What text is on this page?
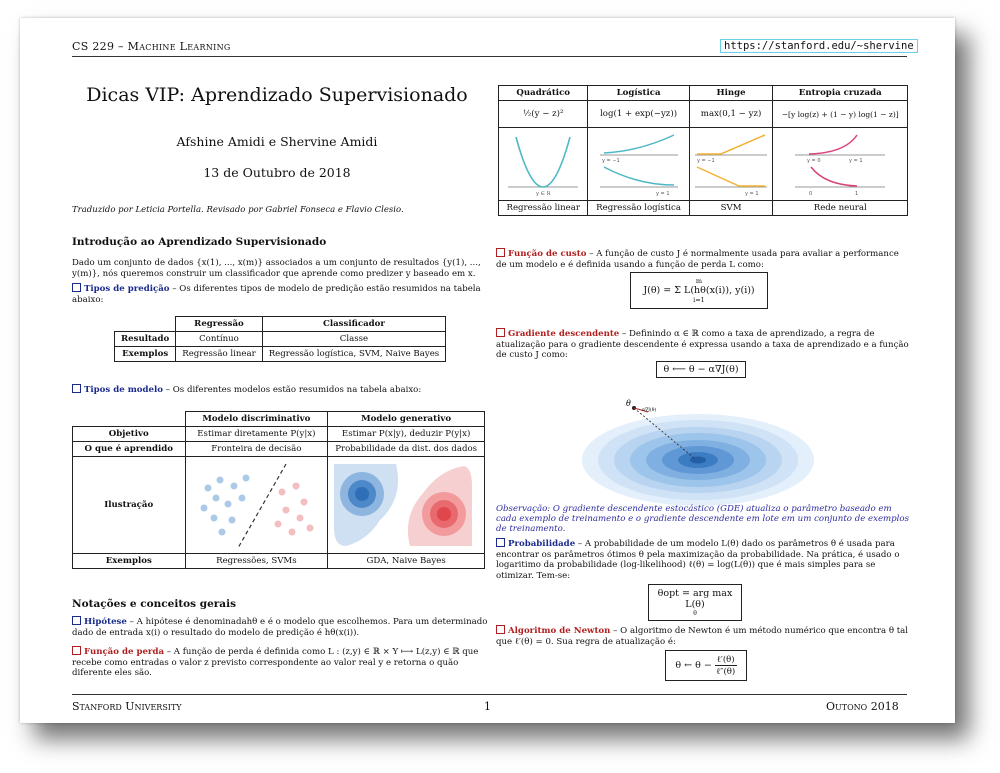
CS 229 – Machine Learning	https://stanford.edu/~shervine
Dicas VIP: Aprendizado Supervisionado
Afshine Amidi e Shervine Amidi
13 de Outubro de 2018
Traduzido por Leticia Portella. Revisado por Gabriel Fonseca e Flavio Clesio.
Introdução ao Aprendizado Supervisionado
Dado um conjunto de dados {x(1), ..., x(m)} associados a um conjunto de resultados {y(1), ..., y(m)}, nós queremos construir um classificador que aprende como predizer y baseado em x.
Tipos de predição – Os diferentes tipos de modelo de predição estão resumidos na tabela abaixo:
	Regressão	Classificador
Resultado	Contínuo	Classe
Exemplos	Regressão linear	Regressão logística, SVM, Naive Bayes
Tipos de modelo – Os diferentes modelos estão resumidos na tabela abaixo:
	Modelo discriminativo	Modelo generativo
Objetivo	Estimar diretamente P(y|x)	Estimar P(x|y), deduzir P(y|x)
O que é aprendido	Fronteira de decisão	Probabilidade da dist. dos dados
Ilustração	

Exemplos	Regressões, SVMs	GDA, Naive Bayes
Notações e conceitos gerais
Hipótese – A hipótese é denominadahθ e é o modelo que escolhemos. Para um determinado dado de entrada x(i) o resultado do modelo de predição é hθ(x(i)).
Função de perda – A função de perda é definida como L : (z,y) ∈ ℝ × Y ⟼ L(z,y) ∈ ℝ que recebe como entradas o valor z previsto correspondente ao valor real y e retorna o quão diferente eles são.
Quadrático	Logística	Hinge	Entropia cruzada
½(y − z)²	log(1 + exp(−yz))	max(0,1 − yz)	−[y log(z) + (1 − y) log(1 − z)]

y ∈ ℝ	y = −1
y = 1	y = −1
y = 1	y = 0 y = 1
0 1

Regressão linear	Regressão logística	SVM	Rede neural
Função de custo – A função de custo J é normalmente usada para avaliar a performance de um modelo e é definida usando a função de perda L como:
m
J(θ) = Σ L(hθ(x(i)), y(i))
i=1
Gradiente descendente – Definindo α ∈ ℝ como a taxa de aprendizado, a regra de atualização para o gradiente descendente é expressa usando a taxa de aprendizado e a função de custo J como:
θ ⟵ θ − α∇J(θ)
θ
α∇J(θ)
Observação: O gradiente descendente estocástico (GDE) atualiza o parâmetro baseado em cada exemplo de treinamento e o gradiente descendente em lote em um conjunto de exemplos de treinamento.
Probabilidade – A probabilidade de um modelo L(θ) dado os parâmetros θ é usada para encontrar os parâmetros ótimos θ pela maximização da probabilidade. Na prática, é usado o logaritimo da probabilidade (log-likelihood) ℓ(θ) = log(L(θ)) que é mais simples para se otimizar. Tem-se:
θopt = arg max L(θ)
θ
Algoritmo de Newton – O algoritmo de Newton é um método numérico que encontra θ tal que ℓ′(θ) = 0. Sua regra de atualização é:
θ ← θ − ℓ′(θ)
ℓ″(θ)
Stanford University	1	Outono 2018
